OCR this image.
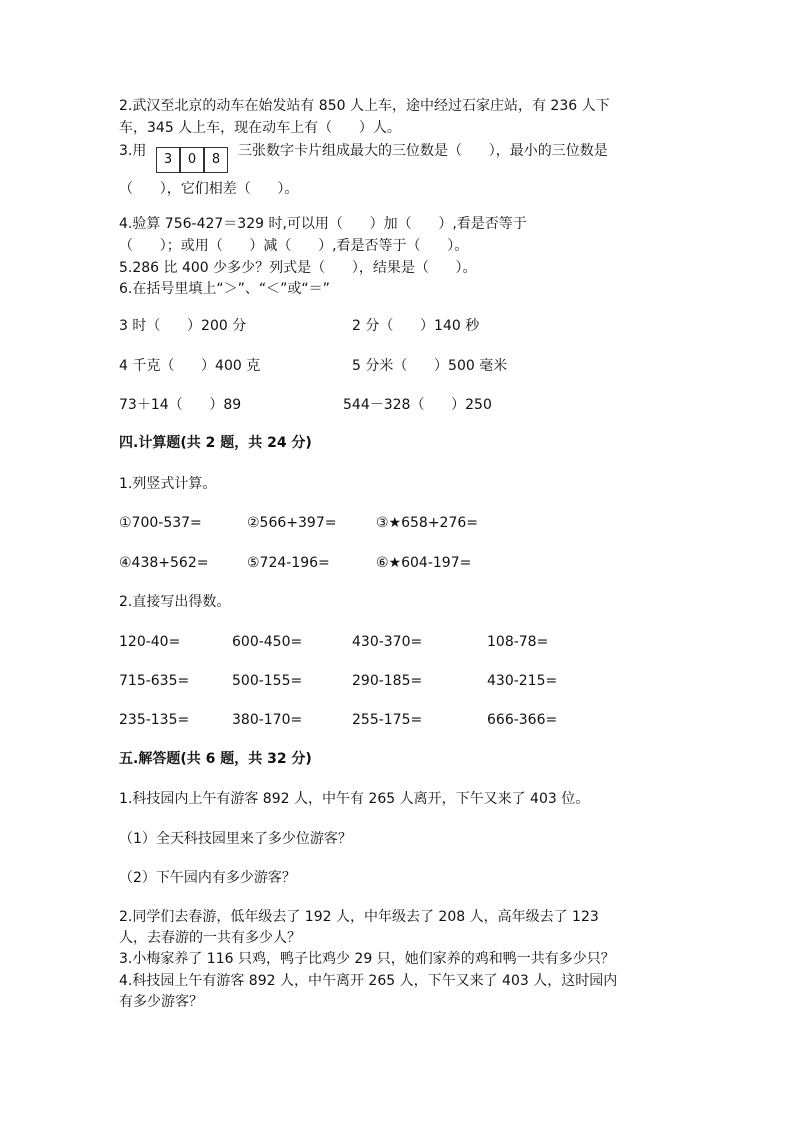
2.武汉至北京的动车在始发站有 850 人上车，途中经过石家庄站，有 236 人下
车，345 人上车，现在动车上有（      ）人。
3.用
3	0	8
三张数字卡片组成最大的三位数是（      ），最小的三位数是
（      ），它们相差（      ）。
4.验算 756-427＝329 时,可以用（      ）加（      ）,看是否等于
（      ）；或用（      ）减（      ）,看是否等于（      ）。
5.286 比 400 少多少？列式是（      ），结果是（      ）。
6.在括号里填上“＞”、“＜”或“＝”
3 时（      ）200 分	2 分（      ）140 秒
4 千克（      ）400 克	5 分米（      ）500 毫米
73＋14（      ）89	544－328（      ）250
四.计算题(共 2 题，共 24 分)
1.列竖式计算。
①700-537=	②566+397=	③★658+276=
④438+562=	⑤724-196=	⑥★604-197=
2.直接写出得数。
120-40=	600-450=	430-370=	108-78=
715-635=	500-155=	290-185=	430-215=
235-135=	380-170=	255-175=	666-366=
五.解答题(共 6 题，共 32 分)
1.科技园内上午有游客 892 人，中午有 265 人离开，下午又来了 403 位。
（1）全天科技园里来了多少位游客？
（2）下午园内有多少游客？
2.同学们去春游，低年级去了 192 人，中年级去了 208 人，高年级去了 123
人，去春游的一共有多少人？
3.小梅家养了 116 只鸡，鸭子比鸡少 29 只，她们家养的鸡和鸭一共有多少只？
4.科技园上午有游客 892 人，中午离开 265 人，下午又来了 403 人，这时园内
有多少游客？
